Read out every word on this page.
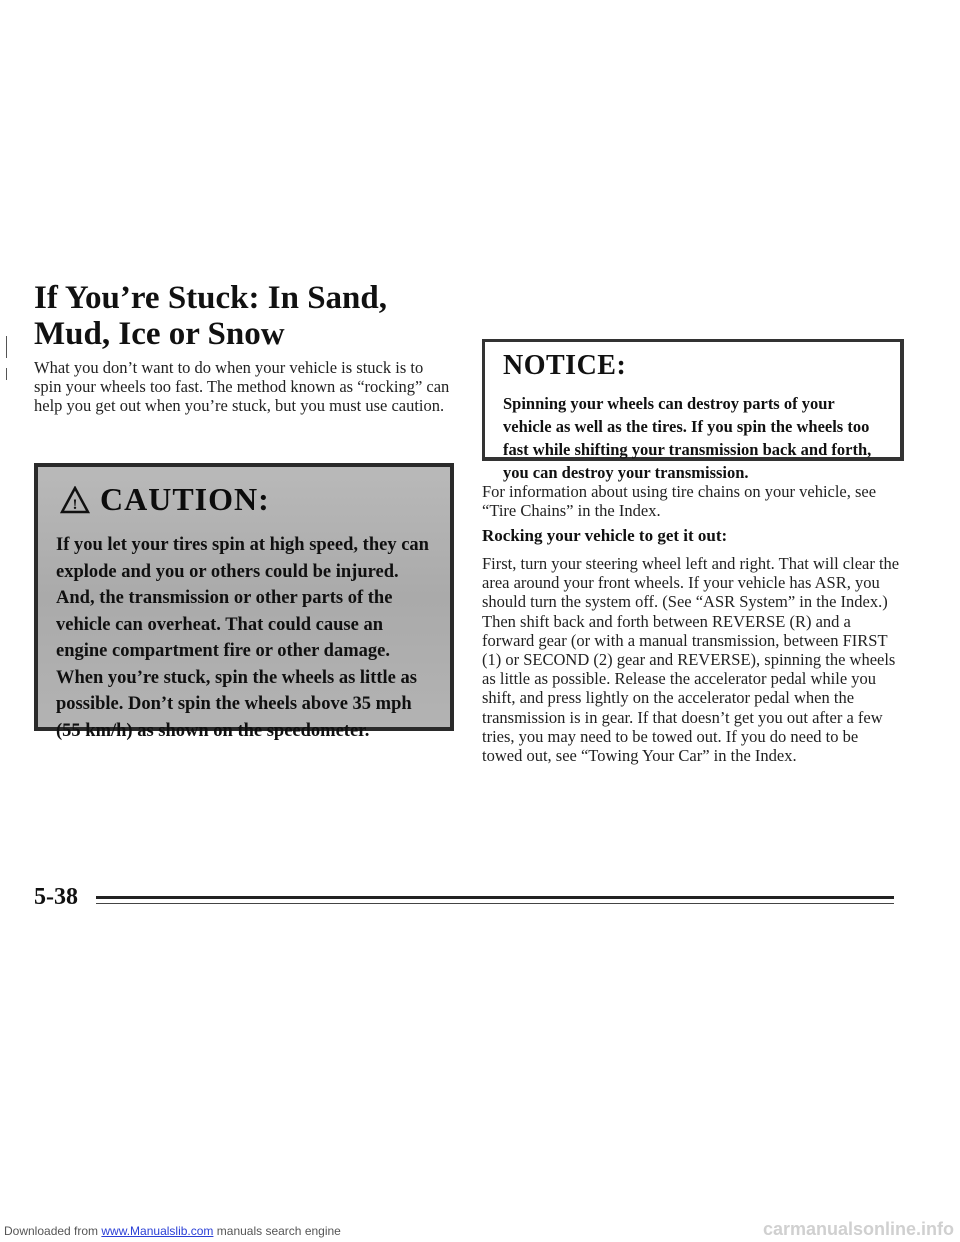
If You’re Stuck: In Sand, Mud, Ice or Snow

What you don’t want to do when your vehicle is stuck is to spin your wheels too fast. The method known as “rocking” can help you get out when you’re stuck, but you must use caution.

! CAUTION:

If you let your tires spin at high speed, they can explode and you or others could be injured. And, the transmission or other parts of the vehicle can overheat. That could cause an engine compartment fire or other damage. When you’re stuck, spin the wheels as little as possible. Don’t spin the wheels above 35 mph (55 km/h) as shown on the speedometer.

NOTICE:

Spinning your wheels can destroy parts of your vehicle as well as the tires. If you spin the wheels too fast while shifting your transmission back and forth, you can destroy your transmission.

For information about using tire chains on your vehicle, see “Tire Chains” in the Index.

Rocking your vehicle to get it out:

First, turn your steering wheel left and right. That will clear the area around your front wheels. If your vehicle has ASR, you should turn the system off. (See “ASR System” in the Index.) Then shift back and forth between REVERSE (R) and a forward gear (or with a manual transmission, between FIRST (1) or SECOND (2) gear and REVERSE), spinning the wheels as little as possible. Release the accelerator pedal while you shift, and press lightly on the accelerator pedal when the transmission is in gear. If that doesn’t get you out after a few tries, you may need to be towed out. If you do need to be towed out, see “Towing Your Car” in the Index.

5-38
Downloaded from www.Manualslib.com manuals search engine	carmanualsonline.info
